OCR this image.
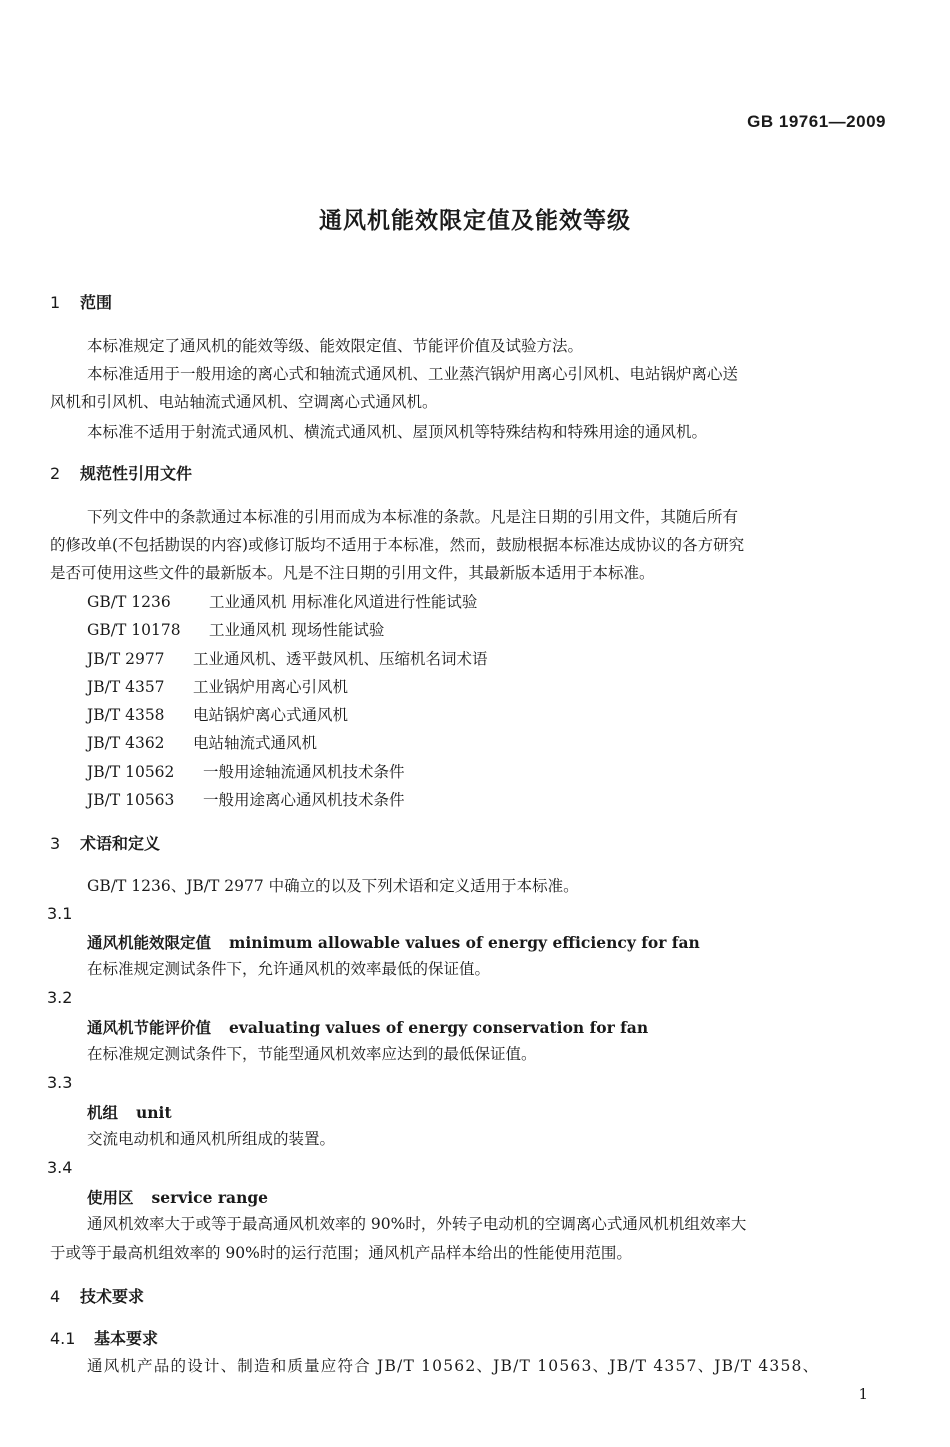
GB 19761—2009
通风机能效限定值及能效等级
1 范围
本标准规定了通风机的能效等级、能效限定值、节能评价值及试验方法。
本标准适用于一般用途的离心式和轴流式通风机、工业蒸汽锅炉用离心引风机、电站锅炉离心送
风机和引风机、电站轴流式通风机、空调离心式通风机。
本标准不适用于射流式通风机、横流式通风机、屋顶风机等特殊结构和特殊用途的通风机。
2 规范性引用文件
下列文件中的条款通过本标准的引用而成为本标准的条款。凡是注日期的引用文件，其随后所有
的修改单(不包括勘误的内容)或修订版均不适用于本标准，然而，鼓励根据本标准达成协议的各方研究
是否可使用这些文件的最新版本。凡是不注日期的引用文件，其最新版本适用于本标准。
GB/T 1236 工业通风机 用标准化风道进行性能试验
GB/T 10178 工业通风机 现场性能试验
JB/T 2977 工业通风机、透平鼓风机、压缩机名词术语
JB/T 4357 工业锅炉用离心引风机
JB/T 4358 电站锅炉离心式通风机
JB/T 4362 电站轴流式通风机
JB/T 10562 一般用途轴流通风机技术条件
JB/T 10563 一般用途离心通风机技术条件
3 术语和定义
GB/T 1236、JB/T 2977 中确立的以及下列术语和定义适用于本标准。
3.1
通风机能效限定值 minimum allowable values of energy efficiency for fan
在标准规定测试条件下，允许通风机的效率最低的保证值。
3.2
通风机节能评价值 evaluating values of energy conservation for fan
在标准规定测试条件下，节能型通风机效率应达到的最低保证值。
3.3
机组 unit
交流电动机和通风机所组成的装置。
3.4
使用区 service range
通风机效率大于或等于最高通风机效率的 90%时，外转子电动机的空调离心式通风机机组效率大
于或等于最高机组效率的 90%时的运行范围；通风机产品样本给出的性能使用范围。
4 技术要求
4.1 基本要求
通风机产品的设计、制造和质量应符合 JB/T 10562、JB/T 10563、JB/T 4357、JB/T 4358、
1
